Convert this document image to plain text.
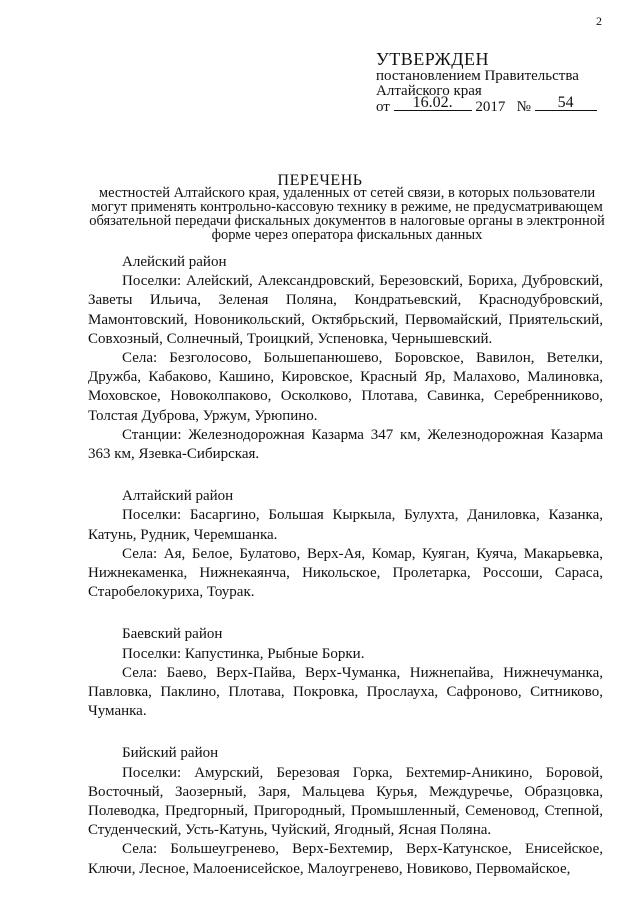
2
УТВЕРЖДЕН
постановлением Правительства
Алтайского края
от 16.02. 2017 № 54
ПЕРЕЧЕНЬ
местностей Алтайского края, удаленных от сетей связи, в которых пользователи могут применять контрольно-кассовую технику в режиме, не предусматривающем обязательной передачи фискальных документов в налоговые органы в электронной форме через оператора фискальных данных
Алейский район

Поселки: Алейский, Александровский, Березовский, Бориха, Дубровский, Заветы Ильича, Зеленая Поляна, Кондратьевский, Краснодубровский, Мамонтовский, Новоникольский, Октябрьский, Первомайский, Приятельский, Совхозный, Солнечный, Троицкий, Успеновка, Чернышевский.

Села: Безголосово, Большепанюшево, Боровское, Вавилон, Ветелки, Дружба, Кабаково, Кашино, Кировское, Красный Яр, Малахово, Малиновка, Моховское, Новоколпаково, Осколково, Плотава, Савинка, Серебренниково, Толстая Дуброва, Уржум, Урюпино.

Станции: Железнодорожная Казарма 347 км, Железнодорожная Казарма 363 км, Язевка-Сибирская.

Алтайский район

Поселки: Басаргино, Большая Кыркыла, Булухта, Даниловка, Казанка, Катунь, Рудник, Черемшанка.

Села: Ая, Белое, Булатово, Верх-Ая, Комар, Куяган, Куяча, Макарьевка, Нижнекаменка, Нижнекаянча, Никольское, Пролетарка, Россоши, Сараса, Старобелокуриха, Тоурак.

Баевский район

Поселки: Капустинка, Рыбные Борки.

Села: Баево, Верх-Пайва, Верх-Чуманка, Нижнепайва, Нижнечуманка, Павловка, Паклино, Плотава, Покровка, Прослауха, Сафроново, Ситниково, Чуманка.

Бийский район

Поселки: Амурский, Березовая Горка, Бехтемир-Аникино, Боровой, Восточный, Заозерный, Заря, Мальцева Курья, Междуречье, Образцовка, Полеводка, Предгорный, Пригородный, Промышленный, Семеновод, Степной, Студенческий, Усть-Катунь, Чуйский, Ягодный, Ясная Поляна.

Села: Большеугренево, Верх-Бехтемир, Верх-Катунское, Енисейское, Ключи, Лесное, Малоенисейское, Малоугренево, Новиково, Первомайское,
